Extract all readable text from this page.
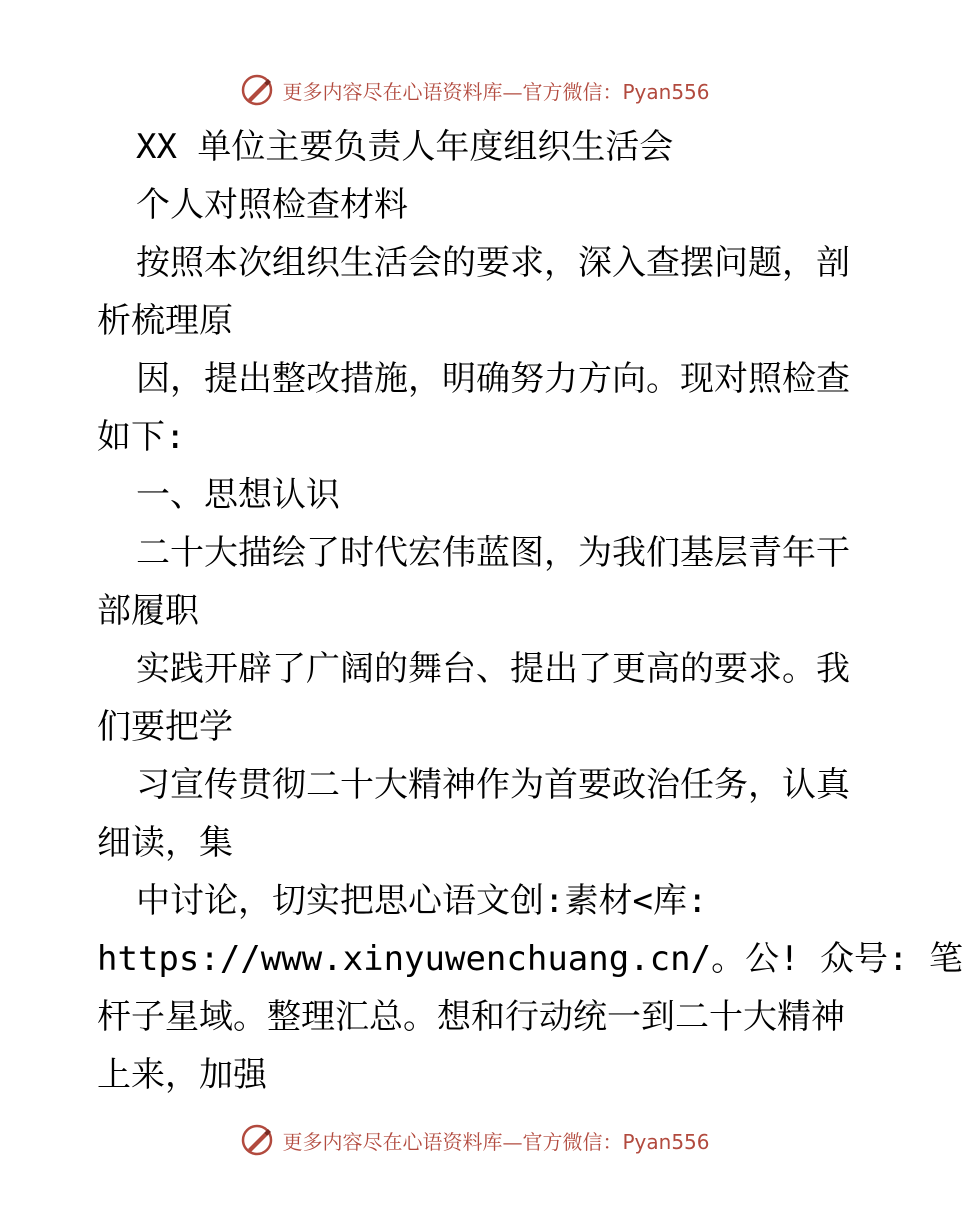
更多内容尽在心语资料库—官方微信：Pyan556
XX 单位主要负责人年度组织生活会
个人对照检查材料
按照本次组织生活会的要求，深入查摆问题，剖
析梳理原
因，提出整改措施，明确努力方向。现对照检查
如下:
一、思想认识
二十大描绘了时代宏伟蓝图，为我们基层青年干
部履职
实践开辟了广阔的舞台、提出了更高的要求。我
们要把学
习宣传贯彻二十大精神作为首要政治任务，认真
细读，集
中讨论，切实把思心语文创:素材<库:
https://www.xinyuwenchuang.cn/。公! 众号: 笔
杆子星域。整理汇总。想和行动统一到二十大精神
上来，加强
更多内容尽在心语资料库—官方微信：Pyan556
